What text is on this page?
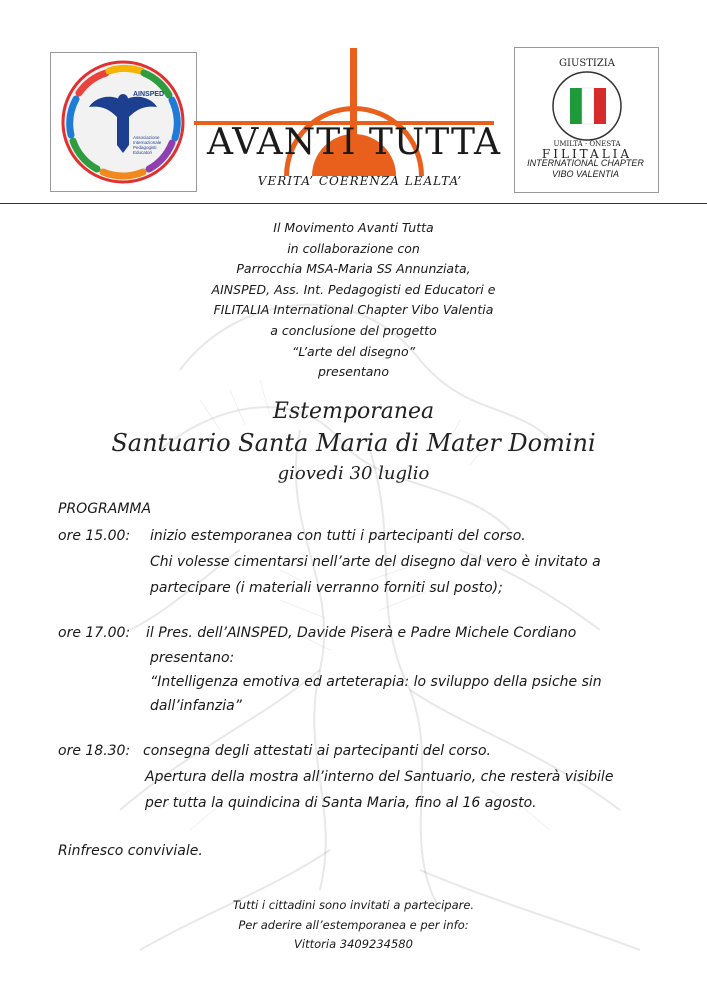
AINSPED
Associazione Internazionale Pedagogisti Educatori	AVANTI TUTTA
VERITA’ COERENZA LEALTA’
GIUSTIZIA
UMILTA · ONESTA
FILITALIA
INTERNATIONAL CHAPTER
VIBO VALENTIA
Il Movimento Avanti Tutta
in collaborazione con
Parrocchia MSA-Maria SS Annunziata,
AINSPED, Ass. Int. Pedagogisti ed Educatori e
FILITALIA International Chapter Vibo Valentia
a conclusione del progetto
“L’arte del disegno”
presentano
Estemporanea
Santuario Santa Maria di Mater Domini
giovedi 30 luglio
PROGRAMMA
ore 15.00: inizio estemporanea con tutti i partecipanti del corso.
Chi volesse cimentarsi nell’arte del disegno dal vero è invitato a
partecipare (i materiali verranno forniti sul posto);
ore 17.00: il Pres. dell’AINSPED, Davide Piserà e Padre Michele Cordiano
presentano:
“Intelligenza emotiva ed arteterapia: lo sviluppo della psiche sin
dall’infanzia”
ore 18.30: consegna degli attestati ai partecipanti del corso.
Apertura della mostra all’interno del Santuario, che resterà visibile
per tutta la quindicina di Santa Maria, fino al 16 agosto.
Rinfresco conviviale.
Tutti i cittadini sono invitati a partecipare.
Per aderire all’estemporanea e per info:
Vittoria 3409234580
